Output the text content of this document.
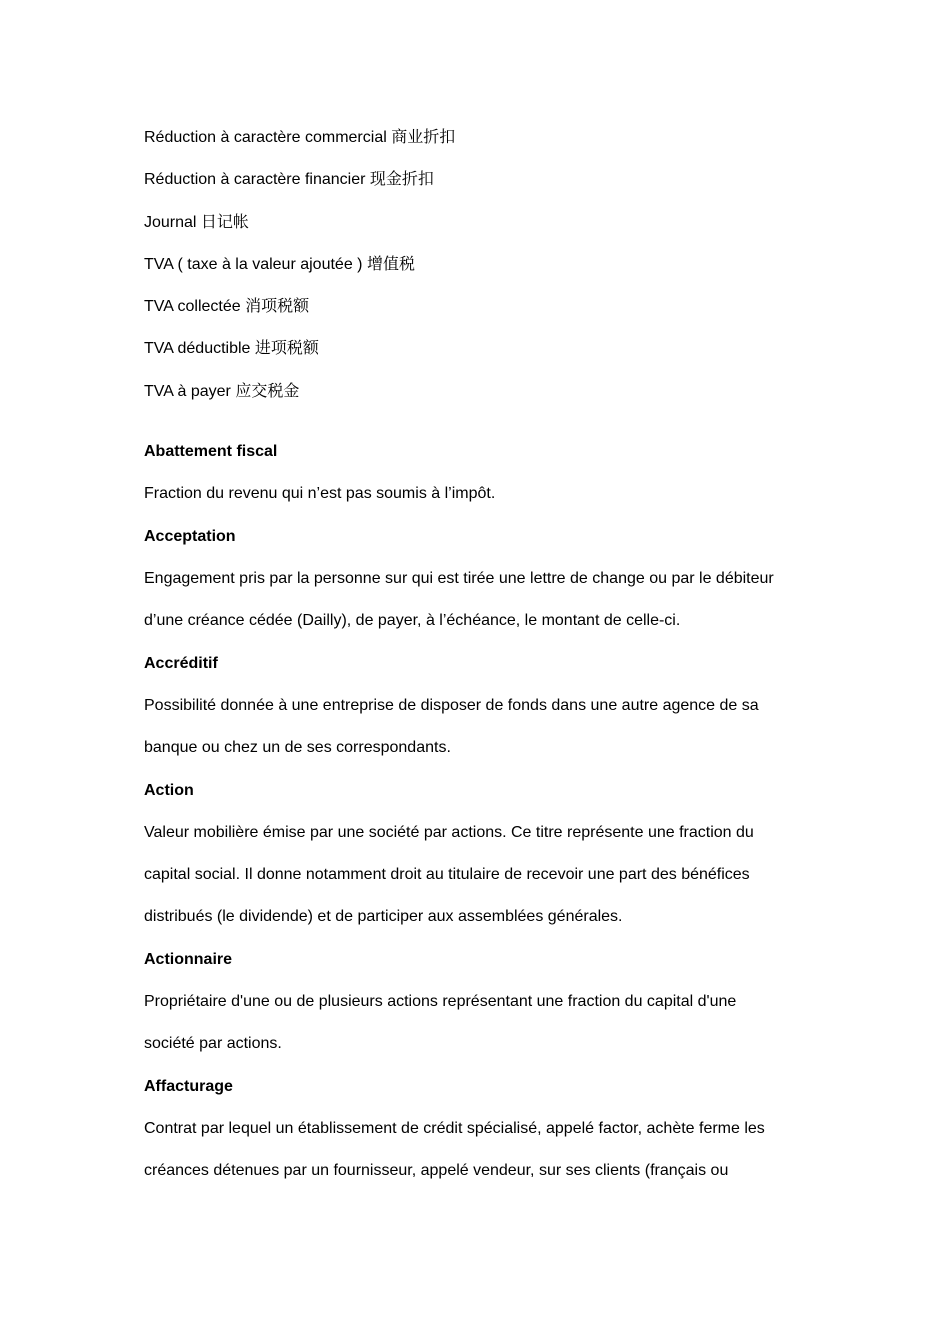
Réduction à caractère commercial 商业折扣
Réduction à caractère financier 现金折扣
Journal 日记帐
TVA ( taxe à la valeur ajoutée ) 增值税
TVA collectée 消项税额
TVA déductible 进项税额
TVA à payer 应交税金
Abattement fiscal
Fraction du revenu qui n’est pas soumis à l’impôt.
Acceptation
Engagement pris par la personne sur qui est tirée une lettre de change ou par le débiteur
d’une créance cédée (Dailly), de payer, à l’échéance, le montant de celle-ci.
Accréditif
Possibilité donnée à une entreprise de disposer de fonds dans une autre agence de sa
banque ou chez un de ses correspondants.
Action
Valeur mobilière émise par une société par actions. Ce titre représente une fraction du
capital social. Il donne notamment droit au titulaire de recevoir une part des bénéfices
distribués (le dividende) et de participer aux assemblées générales.
Actionnaire
Propriétaire d'une ou de plusieurs actions représentant une fraction du capital d'une
société par actions.
Affacturage
Contrat par lequel un établissement de crédit spécialisé, appelé factor, achète ferme les
créances détenues par un fournisseur, appelé vendeur, sur ses clients (français ou
